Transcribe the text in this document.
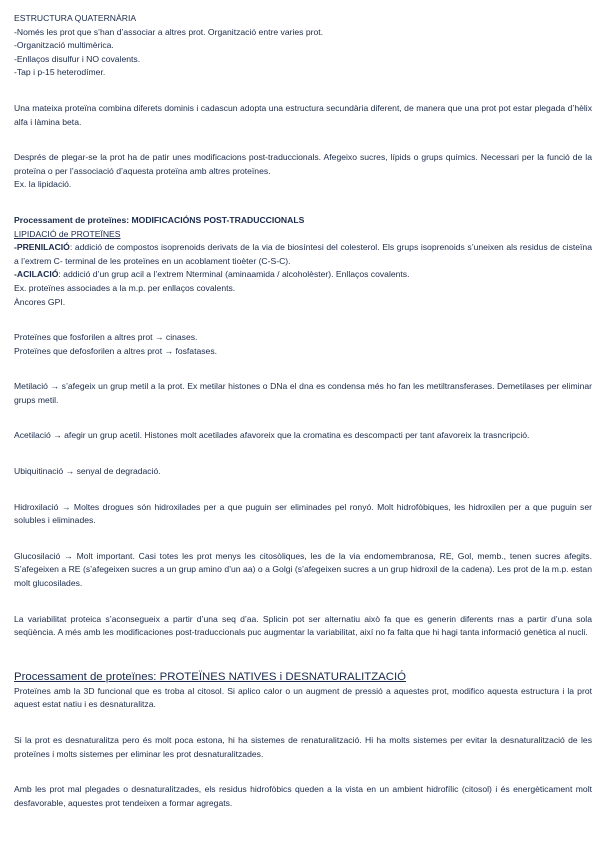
ESTRUCTURA QUATERNÀRIA

-Només les prot que s’han d’associar a altres prot. Organització entre varies prot.

-Organització multimèrica.

-Enllaços disulfur i NO covalents.

-Tap i p-15 heterodímer.

Una mateixa proteïna combina diferets dominis i cadascun adopta una estructura secundària diferent, de manera que una prot pot estar plegada d’hèlix alfa i làmina beta.

Després de plegar-se la prot ha de patir unes modificacions post-traduccionals. Afegeixo sucres, lípids o grups químics. Necessari per la funció de la proteïna o per l’associació d’aquesta proteïna amb altres proteïnes.

Ex. la lipidació.

Processament de proteïnes: MODIFICACIÓNS POST-TRADUCCIONALS

LIPIDACIÓ de PROTEÏNES

-PRENILACIÓ: addició de compostos isoprenoids derivats de la via de biosíntesi del colesterol. Els grups isoprenoids s’uneixen als residus de cisteïna a l’extrem C- terminal de les proteïnes en un acoblament tioèter (C-S-C).

-ACILACIÓ: addició d’un grup acil a l’extrem Nterminal (aminaamida / alcoholèster). Enllaços covalents.

Ex. proteïnes associades a la m.p. per enllaços covalents.

Àncores GPI.

Proteïnes que fosforilen a altres prot → cinases.

Proteïnes que defosforilen a altres prot → fosfatases.

Metilació → s’afegeix un grup metil a la prot. Ex metilar histones o DNa el dna es condensa més ho fan les metiltransferases. Demetilases per eliminar grups metil.

Acetilació → afegir un grup acetil. Histones molt acetilades afavoreix que la cromatina es descompacti per tant afavoreix la trasncripció.

Ubiquitinació → senyal de degradació.

Hidroxilació → Moltes drogues són hidroxilades per a que puguin ser eliminades pel ronyó. Molt hidrofòbiques, les hidroxilen per a que puguin ser solubles i eliminades.

Glucosilació → Molt important. Casi totes les prot menys les citosòliques, les de la via endomembranosa, RE, Gol, memb., tenen sucres afegits. S’afegeixen a RE (s’afegeixen sucres a un grup amino d’un aa) o a Golgi (s’afegeixen sucres a un grup hidroxil de la cadena). Les prot de la m.p. estan molt glucosilades.

La variabilitat proteica s’aconsegueix a partir d’una seq d’aa. Splicin pot ser alternatiu això fa que es generin diferents rnas a partir d’una sola seqüència. A més amb les modificaciones post-traduccionals puc augmentar la variabilitat, així no fa falta que hi hagi tanta informació genètica al nucli.

Processament de proteïnes: PROTEÏNES NATIVES i DESNATURALITZACIÓ

Proteïnes amb la 3D funcional que es troba al citosol. Si aplico calor o un augment de pressió a aquestes prot, modifico aquesta estructura i la prot aquest estat natiu i es desnaturalitza.

Si la prot es desnaturalitza pero és molt poca estona, hi ha sistemes de renaturalització. Hi ha molts sistemes per evitar la desnaturalització de les proteïnes i molts sistemes per eliminar les prot desnaturalitzades.

Amb les prot mal plegades o desnaturalitzades, els residus hidrofòbics queden a la vista en un ambient hidrofílic (citosol) i és energèticament molt desfavorable, aquestes prot tendeixen a formar agregats.
